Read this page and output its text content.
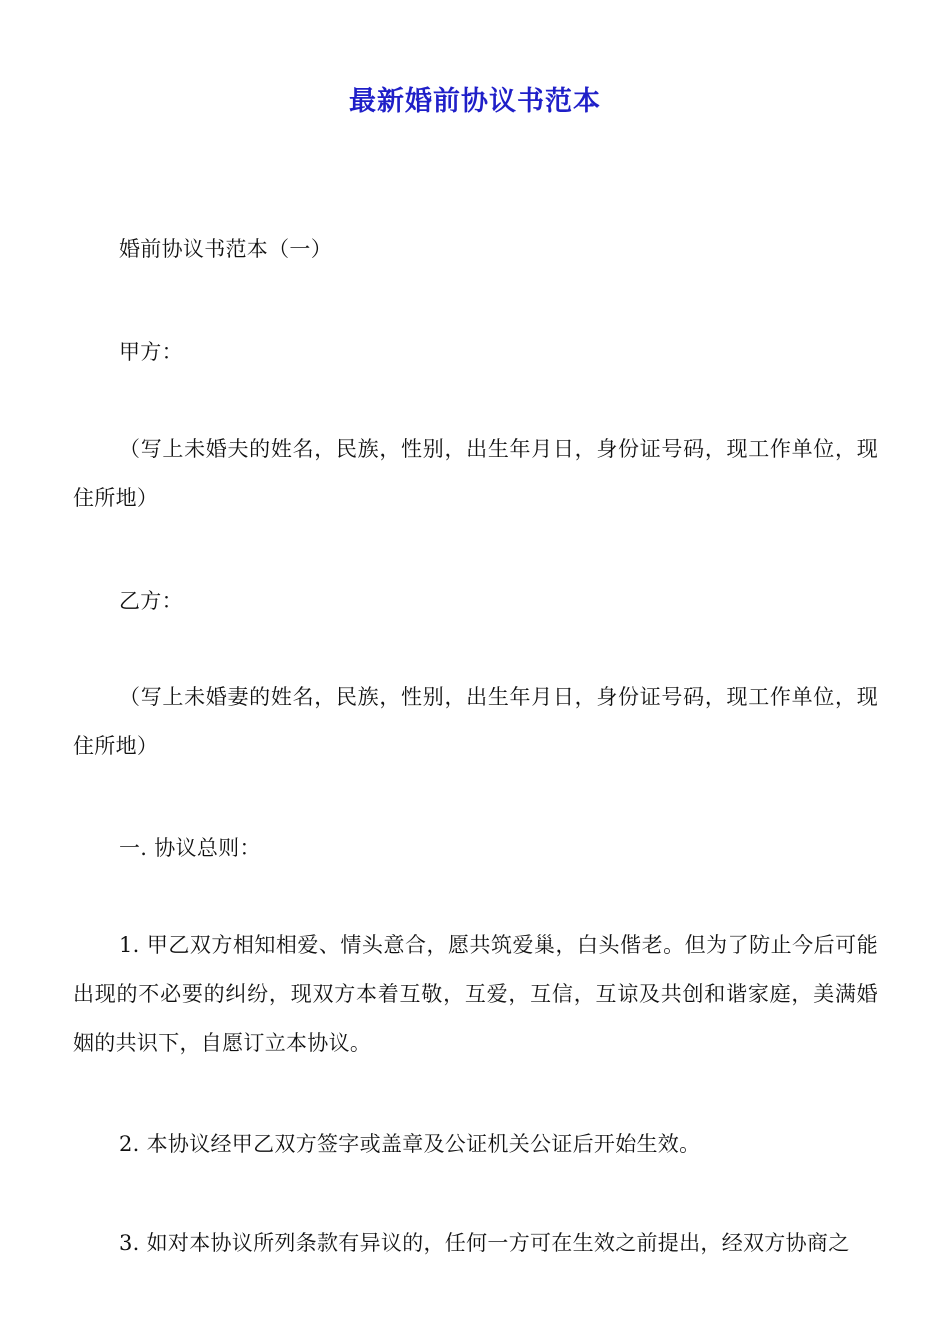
最新婚前协议书范本

婚前协议书范本（一）

甲方：

（写上未婚夫的姓名，民族，性别，出生年月日，身份证号码，现工作单位，现住所地）

乙方：

（写上未婚妻的姓名，民族，性别，出生年月日，身份证号码，现工作单位，现住所地）

一. 协议总则：

1. 甲乙双方相知相爱、情头意合，愿共筑爱巢，白头偕老。但为了防止今后可能出现的不必要的纠纷，现双方本着互敬，互爱，互信，互谅及共创和谐家庭，美满婚姻的共识下，自愿订立本协议。

2. 本协议经甲乙双方签字或盖章及公证机关公证后开始生效。

3. 如对本协议所列条款有异议的，任何一方可在生效之前提出，经双方协商之
